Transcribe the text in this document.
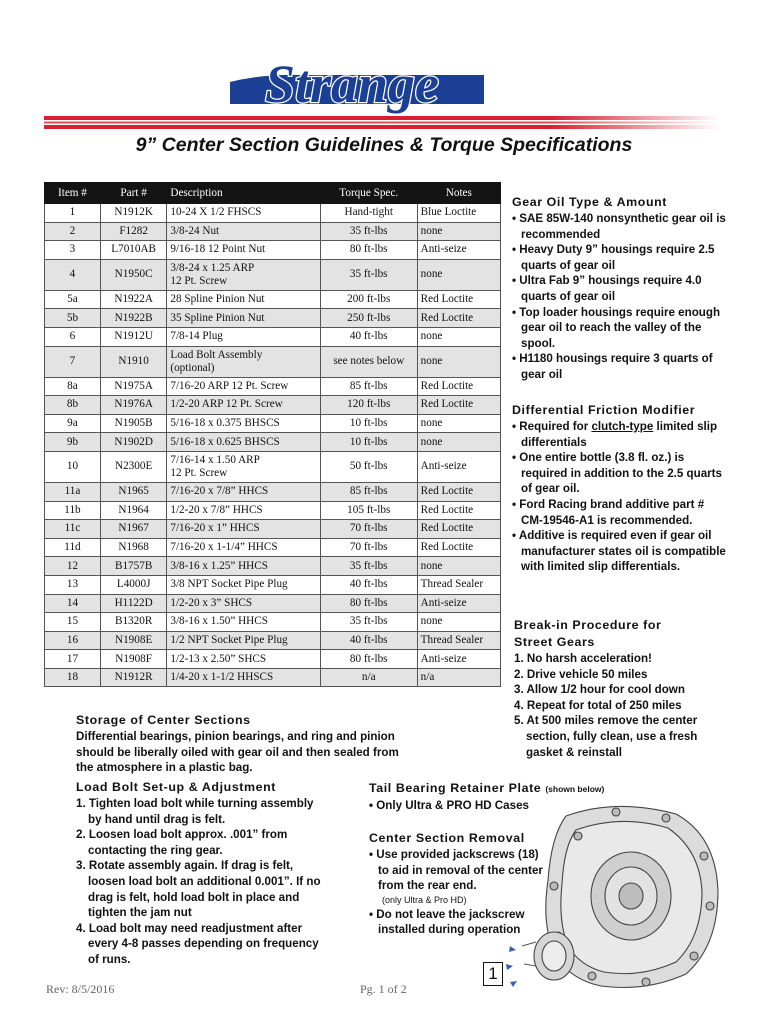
Strange
9” Center Section Guidelines & Torque Specifications
Item #	Part #	Description	Torque Spec.	Notes
1	N1912K	10-24 X 1/2 FHSCS	Hand-tight	Blue Loctite
2	F1282	3/8-24 Nut	35 ft-lbs	none
3	L7010AB	9/16-18 12 Point Nut	80 ft-lbs	Anti-seize
4	N1950C	3/8-24 x 1.25 ARP
12 Pt. Screw	35 ft-lbs	none
5a	N1922A	28 Spline Pinion Nut	200 ft-lbs	Red Loctite
5b	N1922B	35 Spline Pinion Nut	250 ft-lbs	Red Loctite
6	N1912U	7/8-14 Plug	40 ft-lbs	none
7	N1910	Load Bolt Assembly
(optional)	see notes below	none
8a	N1975A	7/16-20 ARP 12 Pt. Screw	85 ft-lbs	Red Loctite
8b	N1976A	1/2-20 ARP 12 Pt. Screw	120 ft-lbs	Red Loctite
9a	N1905B	5/16-18 x 0.375 BHSCS	10 ft-lbs	none
9b	N1902D	5/16-18 x 0.625 BHSCS	10 ft-lbs	none
10	N2300E	7/16-14 x 1.50 ARP
12 Pt. Screw	50 ft-lbs	Anti-seize
11a	N1965	7/16-20 x 7/8” HHCS	85 ft-lbs	Red Loctite
11b	N1964	1/2-20 x 7/8” HHCS	105 ft-lbs	Red Loctite
11c	N1967	7/16-20 x 1” HHCS	70 ft-lbs	Red Loctite
11d	N1968	7/16-20 x 1-1/4” HHCS	70 ft-lbs	Red Loctite
12	B1757B	3/8-16 x 1.25” HHCS	35 ft-lbs	none
13	L4000J	3/8 NPT Socket Pipe Plug	40 ft-lbs	Thread Sealer
14	H1122D	1/2-20 x 3” SHCS	80 ft-lbs	Anti-seize
15	B1320R	3/8-16 x 1.50” HHCS	35 ft-lbs	none
16	N1908E	1/2 NPT Socket Pipe Plug	40 ft-lbs	Thread Sealer
17	N1908F	1/2-13 x 2.50” SHCS	80 ft-lbs	Anti-seize
18	N1912R	1/4-20 x 1-1/2 HHSCS	n/a	n/a
Gear Oil Type & Amount
• SAE 85W-140 nonsynthetic gear oil is recommended
• Heavy Duty 9” housings require 2.5 quarts of gear oil
• Ultra Fab 9” housings require 4.0 quarts of gear oil
• Top loader housings require enough gear oil to reach the valley of the spool.
• H1180 housings require 3 quarts of gear oil
Differential Friction Modifier
• Required for clutch-type limited slip differentials
• One entire bottle (3.8 fl. oz.) is required in addition to the 2.5 quarts of gear oil.
• Ford Racing brand additive part # CM-19546-A1 is recommended.
• Additive is required even if gear oil manufacturer states oil is compatible with limited slip differentials.
Break-in Procedure for
Street Gears
1. No harsh acceleration!
2. Drive vehicle 50 miles
3. Allow 1/2 hour for cool down
4. Repeat for total of 250 miles
5. At 500 miles remove the center section, fully clean, use a fresh gasket & reinstall
Storage of Center Sections
Differential bearings, pinion bearings, and ring and pinion should be liberally oiled with gear oil and then sealed from the atmosphere in a plastic bag.
Load Bolt Set-up & Adjustment
1. Tighten load bolt while turning assembly by hand until drag is felt.
2. Loosen load bolt approx. .001” from contacting the ring gear.
3. Rotate assembly again. If drag is felt, loosen load bolt an additional 0.001”. If no drag is felt, hold load bolt in place and tighten the jam nut
4. Load bolt may need readjustment after every 4-8 passes depending on frequency of runs.
Tail Bearing Retainer Plate (shown below)
• Only Ultra & PRO HD Cases
Center Section Removal
• Use provided jackscrews (18) to aid in removal of the center from the rear end.
(only Ultra & Pro HD)
• Do not leave the jackscrew installed during operation
1
Rev: 8/5/2016	Pg. 1 of 2
